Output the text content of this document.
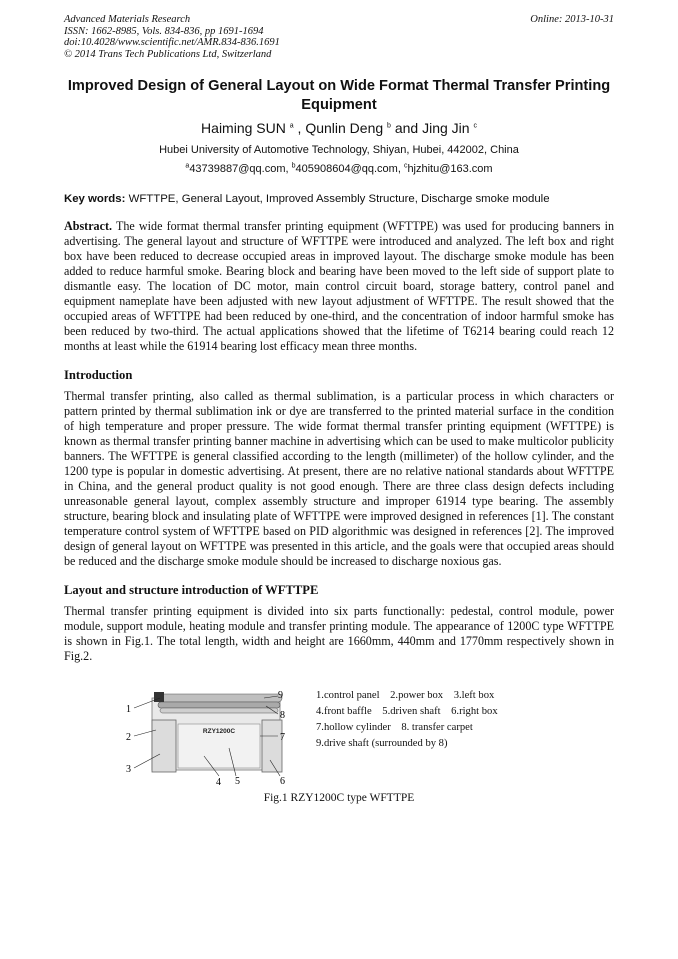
Advanced Materials Research
ISSN: 1662-8985, Vols. 834-836, pp 1691-1694
doi:10.4028/www.scientific.net/AMR.834-836.1691
© 2014 Trans Tech Publications Ltd, Switzerland
Online: 2013-10-31
Improved Design of General Layout on Wide Format Thermal Transfer Printing Equipment
Haiming SUN $^a$ , Qunlin Deng $^b$ and Jing Jin $^c$
Hubei University of Automotive Technology, Shiyan, Hubei, 442002, China
$^a$43739887@qq.com, $^b$405908604@qq.com, $^c$hjzhitu@163.com
Key words: WFTTPE, General Layout, Improved Assembly Structure, Discharge smoke module

Abstract. The wide format thermal transfer printing equipment (WFTTPE) was used for producing banners in advertising. The general layout and structure of WFTTPE were introduced and analyzed. The left box and right box have been reduced to decrease occupied areas in improved layout. The discharge smoke module has been added to reduce harmful smoke. Bearing block and bearing have been moved to the left side of support plate to dismantle easy. The location of DC motor, main control circuit board, storage battery, control panel and equipment nameplate have been adjusted with new layout adjustment of WFTTPE. The result showed that the occupied areas of WFTTPE had been reduced by one-third, and the concentration of indoor harmful smoke has been reduced by two-third. The actual applications showed that the lifetime of T6214 bearing could reach 12 months at least while the 61914 bearing lost efficacy mean three months.

Introduction

Thermal transfer printing, also called as thermal sublimation, is a particular process in which characters or pattern printed by thermal sublimation ink or dye are transferred to the printed material surface in the condition of high temperature and proper pressure. The wide format thermal transfer printing equipment (WFTTPE) is known as thermal transfer printing banner machine in advertising which can be used to make multicolor publicity banners. The WFTTPE is general classified according to the length (millimeter) of the hollow cylinder, and the 1200 type is popular in domestic advertising. At present, there are no relative national standards about WFTTPE in China, and the general product quality is not good enough. There are three class design defects including unreasonable general layout, complex assembly structure and improper 61914 type bearing. The assembly structure, bearing block and insulating plate of WFTTPE were improved designed in references [1]. The constant temperature control system of WFTTPE based on PID algorithmic was designed in references [2]. The improved design of general layout on WFTTPE was presented in this article, and the goals were that occupied areas should be reduced and the discharge smoke module should be increased to discharge noxious gas.

Layout and structure introduction of WFTTPE

Thermal transfer printing equipment is divided into six parts functionally: pedestal, control module, power module, support module, heating module and transfer printing module. The appearance of 1200C type WFTTPE is shown in Fig.1. The total length, width and height are 1660mm, 440mm and 1770mm respectively shown in Fig.2.

RZY1200C
1
2
3
4 5	6
7
8
9	1.control panel    2.power box    3.left box
4.front baffle    5.driven shaft    6.right box
7.hollow cylinder    8. transfer carpet
9.drive shaft (surrounded by 8)
Fig.1 RZY1200C type WFTTPE
